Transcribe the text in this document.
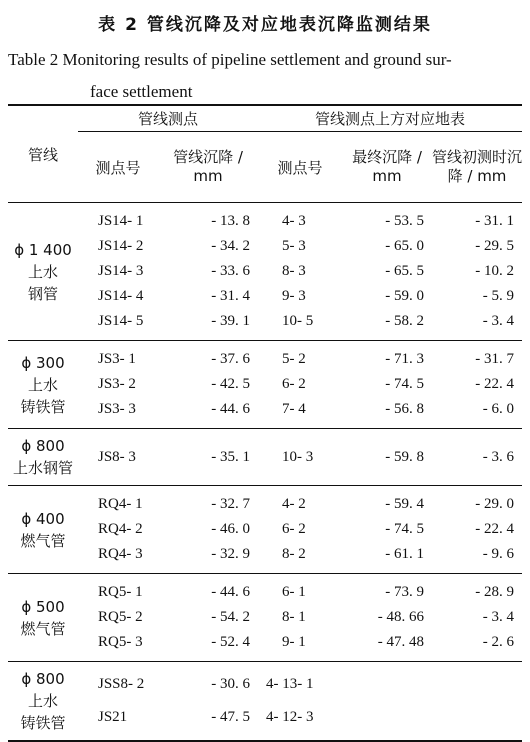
表 2 管线沉降及对应地表沉降监测结果
Table 2 Monitoring results of pipeline settlement and ground sur-
face settlement
管线	管线测点		管线测点上方对应地表		
	测点号	管线沉降 / mm	测点号	最终沉降 / mm	管线初测时沉降 / mm

ϕ 1 400
上水
钢管	JS14- 1	- 13. 8	4- 3	- 53. 5	- 31. 1
	JS14- 2	- 34. 2	5- 3	- 65. 0	- 29. 5
	JS14- 3	- 33. 6	8- 3	- 65. 5	- 10. 2
	JS14- 4	- 31. 4	9- 3	- 59. 0	- 5. 9
	JS14- 5	- 39. 1	10- 5	- 58. 2	- 3. 4

ϕ 300
上水
铸铁管	JS3- 1	- 37. 6	5- 2	- 71. 3	- 31. 7
	JS3- 2	- 42. 5	6- 2	- 74. 5	- 22. 4
	JS3- 3	- 44. 6	7- 4	- 56. 8	- 6. 0

ϕ 800
上水钢管	JS8- 3	- 35. 1	10- 3	- 59. 8	- 3. 6

ϕ 400
燃气管	RQ4- 1	- 32. 7	4- 2	- 59. 4	- 29. 0
	RQ4- 2	- 46. 0	6- 2	- 74. 5	- 22. 4
	RQ4- 3	- 32. 9	8- 2	- 61. 1	- 9. 6

ϕ 500
燃气管	RQ5- 1	- 44. 6	6- 1	- 73. 9	- 28. 9
	RQ5- 2	- 54. 2	8- 1	- 48. 66	- 3. 4
	RQ5- 3	- 52. 4	9- 1	- 47. 48	- 2. 6

ϕ 800
上水
铸铁管	JSS8- 2	- 30. 6	4- 13- 1		
	JS21	- 47. 5	4- 12- 3		
